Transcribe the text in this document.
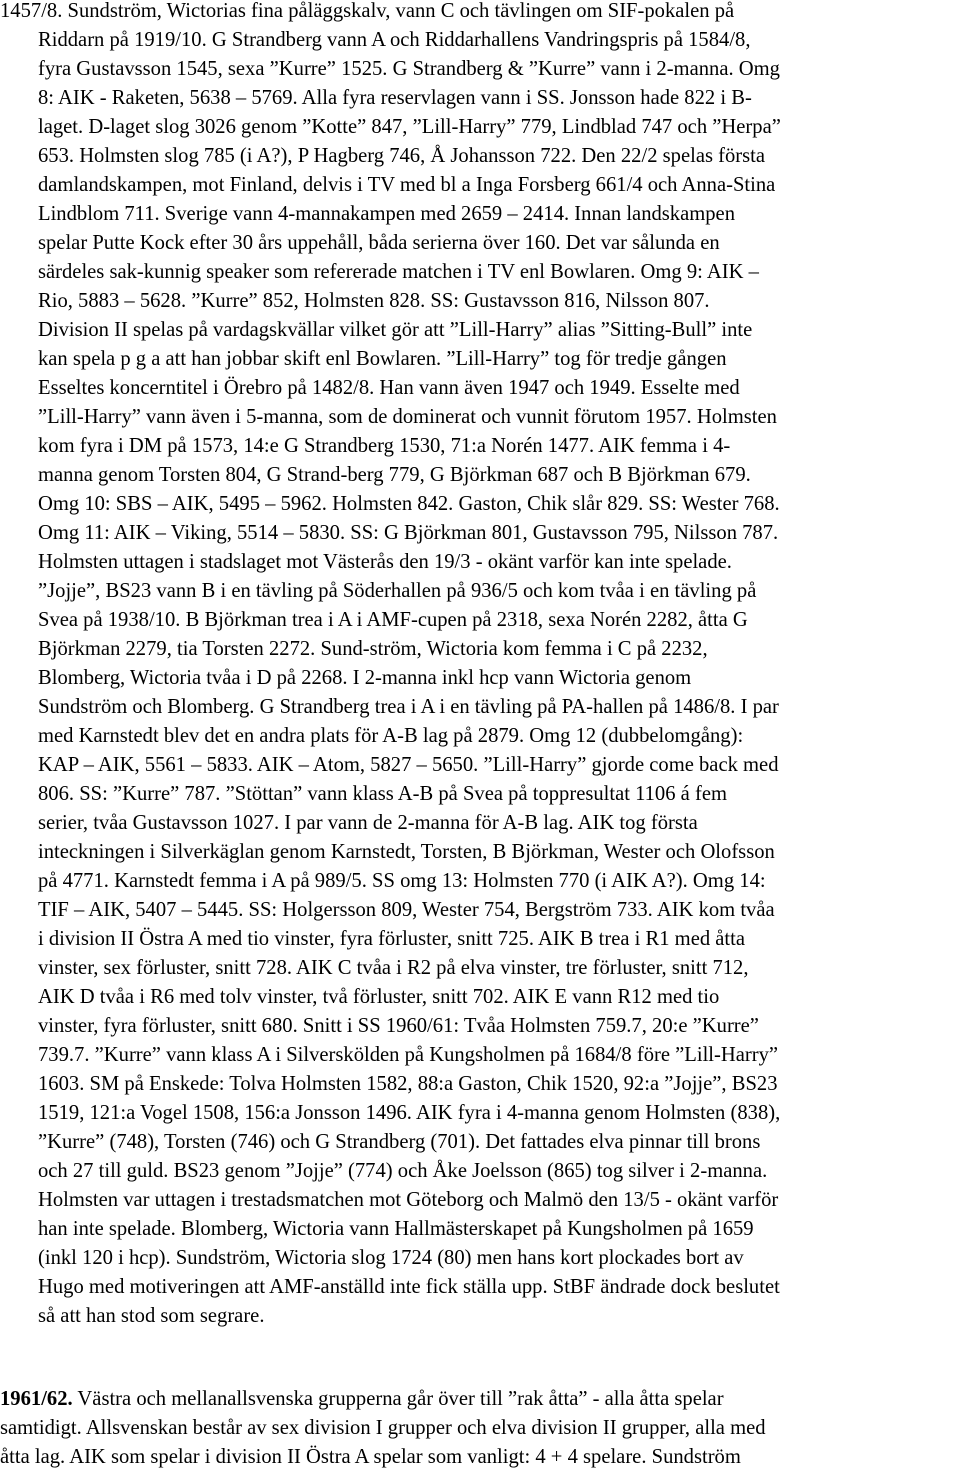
1457/8. Sundström, Wictorias fina påläggskalv, vann C och tävlingen om SIF-pokalen på
Riddarn på 1919/10. G Strandberg vann A och Riddarhallens Vandringspris på 1584/8,
fyra Gustavsson 1545, sexa ”Kurre” 1525. G Strandberg & ”Kurre” vann i 2-manna. Omg
8: AIK - Raketen, 5638 – 5769. Alla fyra reservlagen vann i SS. Jonsson hade 822 i B-
laget. D-laget slog 3026 genom ”Kotte” 847, ”Lill-Harry” 779, Lindblad 747 och ”Herpa”
653. Holmsten slog 785 (i A?), P Hagberg 746, Å Johansson 722. Den 22/2 spelas första
damlandskampen, mot Finland, delvis i TV med bl a Inga Forsberg 661/4 och Anna-Stina
Lindblom 711. Sverige vann 4-mannakampen med 2659 – 2414. Innan landskampen
spelar Putte Kock efter 30 års uppehåll, båda serierna över 160. Det var sålunda en
särdeles sak-kunnig speaker som refererade matchen i TV enl Bowlaren. Omg 9: AIK –
Rio, 5883 – 5628. ”Kurre” 852, Holmsten 828. SS: Gustavsson 816, Nilsson 807.
Division II spelas på vardagskvällar vilket gör att ”Lill-Harry” alias ”Sitting-Bull” inte
kan spela p g a att han jobbar skift enl Bowlaren. ”Lill-Harry” tog för tredje gången
Esseltes koncerntitel i Örebro på 1482/8. Han vann även 1947 och 1949. Esselte med
”Lill-Harry” vann även i 5-manna, som de dominerat och vunnit förutom 1957. Holmsten
kom fyra i DM på 1573, 14:e G Strandberg 1530, 71:a Norén 1477. AIK femma i 4-
manna genom Torsten 804, G Strand-berg 779, G Björkman 687 och B Björkman 679.
Omg 10: SBS – AIK, 5495 – 5962. Holmsten 842. Gaston, Chik slår 829. SS: Wester 768.
Omg 11: AIK – Viking, 5514 – 5830. SS: G Björkman 801, Gustavsson 795, Nilsson 787.
Holmsten uttagen i stadslaget mot Västerås den 19/3 - okänt varför kan inte spelade.
”Jojje”, BS23 vann B i en tävling på Söderhallen på 936/5 och kom tvåa i en tävling på
Svea på 1938/10. B Björkman trea i A i AMF-cupen på 2318, sexa Norén 2282, åtta G
Björkman 2279, tia Torsten 2272. Sund-ström, Wictoria kom femma i C på 2232,
Blomberg, Wictoria tvåa i D på 2268. I 2-manna inkl hcp vann Wictoria genom
Sundström och Blomberg. G Strandberg trea i A i en tävling på PA-hallen på 1486/8. I par
med Karnstedt blev det en andra plats för A-B lag på 2879. Omg 12 (dubbelomgång):
KAP – AIK, 5561 – 5833. AIK – Atom, 5827 – 5650. ”Lill-Harry” gjorde come back med
806. SS: ”Kurre” 787. ”Stöttan” vann klass A-B på Svea på toppresultat 1106 á fem
serier, tvåa Gustavsson 1027. I par vann de 2-manna för A-B lag. AIK tog första
inteckningen i Silverkäglan genom Karnstedt, Torsten, B Björkman, Wester och Olofsson
på 4771. Karnstedt femma i A på 989/5. SS omg 13: Holmsten 770 (i AIK A?). Omg 14:
TIF – AIK, 5407 – 5445. SS: Holgersson 809, Wester 754, Bergström 733. AIK kom tvåa
i division II Östra A med tio vinster, fyra förluster, snitt 725. AIK B trea i R1 med åtta
vinster, sex förluster, snitt 728. AIK C tvåa i R2 på elva vinster, tre förluster, snitt 712,
AIK D tvåa i R6 med tolv vinster, två förluster, snitt 702. AIK E vann R12 med tio
vinster, fyra förluster, snitt 680. Snitt i SS 1960/61: Tvåa Holmsten 759.7, 20:e ”Kurre”
739.7. ”Kurre” vann klass A i Silverskölden på Kungsholmen på 1684/8 före ”Lill-Harry”
1603. SM på Enskede: Tolva Holmsten 1582, 88:a Gaston, Chik 1520, 92:a ”Jojje”, BS23
1519, 121:a Vogel 1508, 156:a Jonsson 1496. AIK fyra i 4-manna genom Holmsten (838),
”Kurre” (748), Torsten (746) och G Strandberg (701). Det fattades elva pinnar till brons
och 27 till guld. BS23 genom ”Jojje” (774) och Åke Joelsson (865) tog silver i 2-manna.
Holmsten var uttagen i trestadsmatchen mot Göteborg och Malmö den 13/5 - okänt varför
han inte spelade. Blomberg, Wictoria vann Hallmästerskapet på Kungsholmen på 1659
(inkl 120 i hcp). Sundström, Wictoria slog 1724 (80) men hans kort plockades bort av
Hugo med motiveringen att AMF-anställd inte fick ställa upp. StBF ändrade dock beslutet
så att han stod som segrare.
1961/62. Västra och mellanallsvenska grupperna går över till ”rak åtta” - alla åtta spelar
samtidigt. Allsvenskan består av sex division I grupper och elva division II grupper, alla med
åtta lag. AIK som spelar i division II Östra A spelar som vanligt: 4 + 4 spelare. Sundström
